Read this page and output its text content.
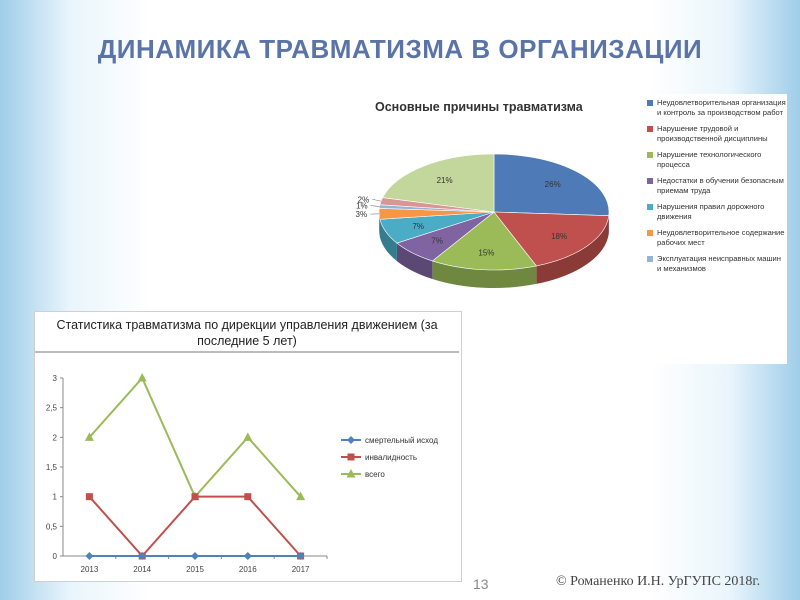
ДИНАМИКА ТРАВМАТИЗМА В ОРГАНИЗАЦИИ
26%
18%
15%
7%
7%
3%
1%
2%
21%
Основные причины травматизма	Неудовлетворительная организация и контроль за производством работ
Нарушение трудовой и производственной дисциплины
Нарушение технологического процесса
Недостатки в обучении безопасным приемам труда
Нарушения правил дорожного движения
Неудовлетворительное содержание рабочих мест
Эксплуатация неисправных машин и механизмов
Статистика травматизма по дирекции управления движением (за последние 5 лет)
0
0,5
1
1,5
2
2,5
3
2013	2014	2015	2016	2017
смертельный исход
инвалидность
всего
13	© Романенко И.Н. УрГУПС 2018г.
